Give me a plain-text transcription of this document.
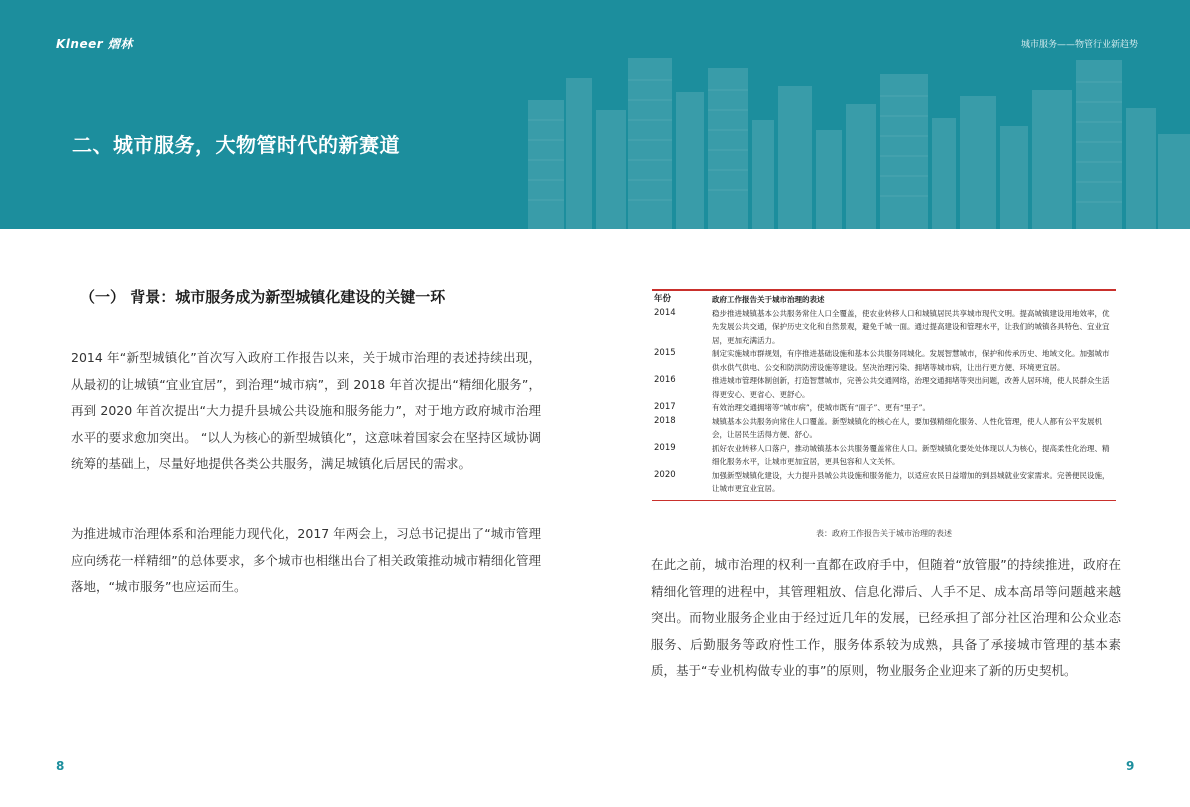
Klneer 熠林	城市服务——物管行业新趋势
二、城市服务，大物管时代的新赛道
（一） 背景：城市服务成为新型城镇化建设的关键一环

2014 年“新型城镇化”首次写入政府工作报告以来，关于城市治理的表述持续出现，从最初的让城镇“宜业宜居”，到治理“城市病”，到 2018 年首次提出“精细化服务”，再到 2020 年首次提出“大力提升县城公共设施和服务能力”，对于地方政府城市治理水平的要求愈加突出。 “以人为核心的新型城镇化”，这意味着国家会在坚持区域协调统筹的基础上，尽量好地提供各类公共服务，满足城镇化后居民的需求。

为推进城市治理体系和治理能力现代化，2017 年两会上，习总书记提出了“城市管理应向绣花一样精细”的总体要求，多个城市也相继出台了相关政策推动城市精细化管理落地，“城市服务”也应运而生。

年份	政府工作报告关于城市治理的表述
2014	稳步推进城镇基本公共服务常住人口全覆盖，使农业转移人口和城镇居民共享城市现代文明。提高城镇建设用地效率，优先发展公共交通，保护历史文化和自然景观，避免千城一面。通过提高建设和管理水平，让我们的城镇各具特色、宜业宜居，更加充满活力。
2015	制定实施城市群规划，有序推进基础设施和基本公共服务同城化。发展智慧城市，保护和传承历史、地域文化。加强城市供水供气供电、公交和防洪防涝设施等建设。坚决治理污染、拥堵等城市病，让出行更方便、环境更宜居。
2016	推进城市管理体制创新，打造智慧城市，完善公共交通网络，治理交通拥堵等突出问题，改善人居环境，使人民群众生活得更安心、更省心、更舒心。
2017	有效治理交通拥堵等“城市病”，使城市既有“面子”、更有“里子”。
2018	城镇基本公共服务向常住人口覆盖。新型城镇化的核心在人，要加强精细化服务、人性化管理，使人人都有公平发展机会，让居民生活得方便、舒心。
2019	抓好农业转移人口落户，推动城镇基本公共服务覆盖常住人口。新型城镇化要处处体现以人为核心，提高柔性化治理、精细化服务水平，让城市更加宜居，更具包容和人文关怀。
2020	加强新型城镇化建设，大力提升县城公共设施和服务能力，以适应农民日益增加的到县城就业安家需求。完善便民设施，让城市更宜业宜居。
表：政府工作报告关于城市治理的表述

在此之前，城市治理的权利一直都在政府手中，但随着“放管服”的持续推进，政府在精细化管理的进程中，其管理粗放、信息化滞后、人手不足、成本高昂等问题越来越突出。而物业服务企业由于经过近几年的发展，已经承担了部分社区治理和公众业态服务、后勤服务等政府性工作，服务体系较为成熟，具备了承接城市管理的基本素质，基于“专业机构做专业的事”的原则，物业服务企业迎来了新的历史契机。

8	9
